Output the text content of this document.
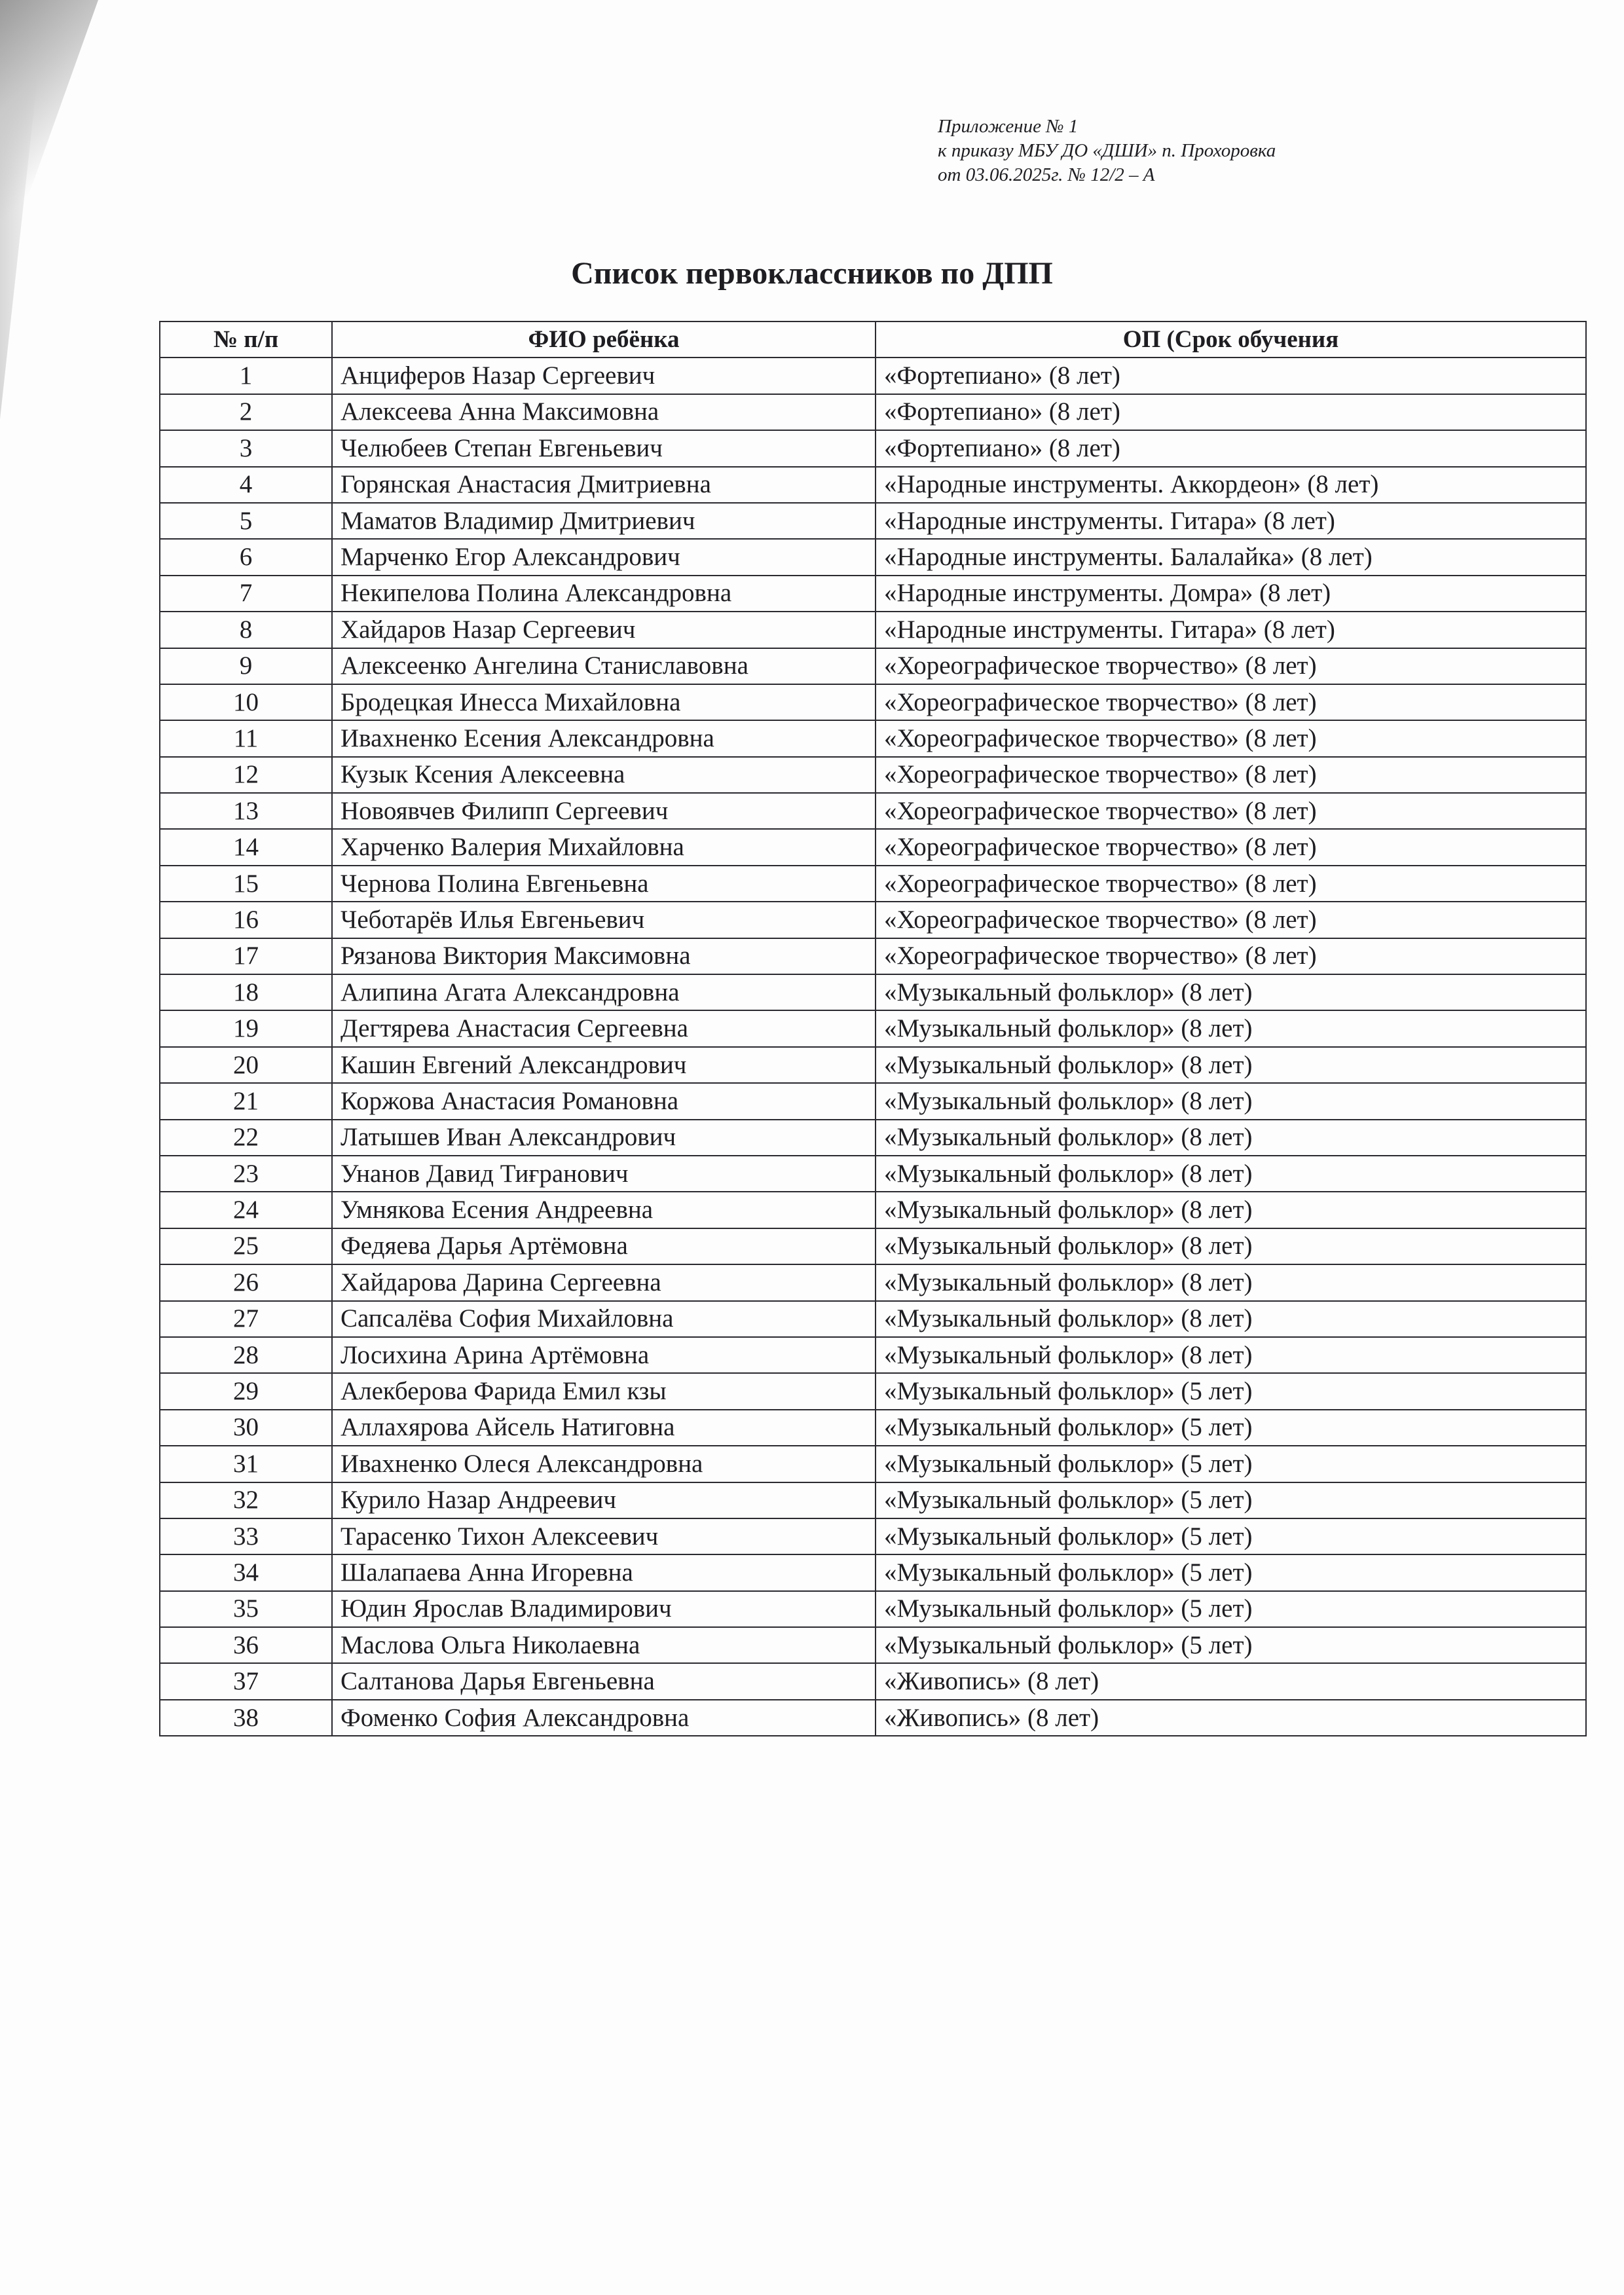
Приложение № 1
к приказу МБУ ДО «ДШИ» п. Прохоровка
от 03.06.2025г. № 12/2 – А
Список первоклассников по ДПП
№ п/п	ФИО ребёнка	ОП (Срок обучения
1	Анциферов Назар Сергеевич	«Фортепиано» (8 лет)
2	Алексеева Анна Максимовна	«Фортепиано» (8 лет)
3	Челюбеев Степан Евгеньевич	«Фортепиано» (8 лет)
4	Горянская Анастасия Дмитриевна	«Народные инструменты. Аккордеон» (8 лет)
5	Маматов Владимир Дмитриевич	«Народные инструменты. Гитара» (8 лет)
6	Марченко Егор Александрович	«Народные инструменты. Балалайка» (8 лет)
7	Некипелова Полина Александровна	«Народные инструменты. Домра» (8 лет)
8	Хайдаров Назар Сергеевич	«Народные инструменты. Гитара» (8 лет)
9	Алексеенко Ангелина Станиславовна	«Хореографическое творчество» (8 лет)
10	Бродецкая Инесса Михайловна	«Хореографическое творчество» (8 лет)
11	Ивахненко Есения Александровна	«Хореографическое творчество» (8 лет)
12	Кузык Ксения Алексеевна	«Хореографическое творчество» (8 лет)
13	Новоявчев Филипп Сергеевич	«Хореографическое творчество» (8 лет)
14	Харченко Валерия Михайловна	«Хореографическое творчество» (8 лет)
15	Чернова Полина Евгеньевна	«Хореографическое творчество» (8 лет)
16	Чеботарёв Илья Евгеньевич	«Хореографическое творчество» (8 лет)
17	Рязанова Виктория Максимовна	«Хореографическое творчество» (8 лет)
18	Алипина Агата Александровна	«Музыкальный фольклор» (8 лет)
19	Дегтярева Анастасия Сергеевна	«Музыкальный фольклор» (8 лет)
20	Кашин Евгений Александрович	«Музыкальный фольклор» (8 лет)
21	Коржова Анастасия Романовна	«Музыкальный фольклор» (8 лет)
22	Латышев Иван Александрович	«Музыкальный фольклор» (8 лет)
23	Унанов Давид Тиғранович	«Музыкальный фольклор» (8 лет)
24	Умнякова Есения Андреевна	«Музыкальный фольклор» (8 лет)
25	Федяева Дарья Артёмовна	«Музыкальный фольклор» (8 лет)
26	Хайдарова Дарина Сергеевна	«Музыкальный фольклор» (8 лет)
27	Сапсалёва София Михайловна	«Музыкальный фольклор» (8 лет)
28	Лосихина Арина Артёмовна	«Музыкальный фольклор» (8 лет)
29	Алекберова Фарида Емил кзы	«Музыкальный фольклор» (5 лет)
30	Аллахярова Айсель Натиговна	«Музыкальный фольклор» (5 лет)
31	Ивахненко Олеся Александровна	«Музыкальный фольклор» (5 лет)
32	Курило Назар Андреевич	«Музыкальный фольклор» (5 лет)
33	Тарасенко Тихон Алексеевич	«Музыкальный фольклор» (5 лет)
34	Шалапаева Анна Игоревна	«Музыкальный фольклор» (5 лет)
35	Юдин Ярослав Владимирович	«Музыкальный фольклор» (5 лет)
36	Маслова Ольга Николаевна	«Музыкальный фольклор» (5 лет)
37	Салтанова Дарья Евгеньевна	«Живопись» (8 лет)
38	Фоменко София Александровна	«Живопись» (8 лет)
